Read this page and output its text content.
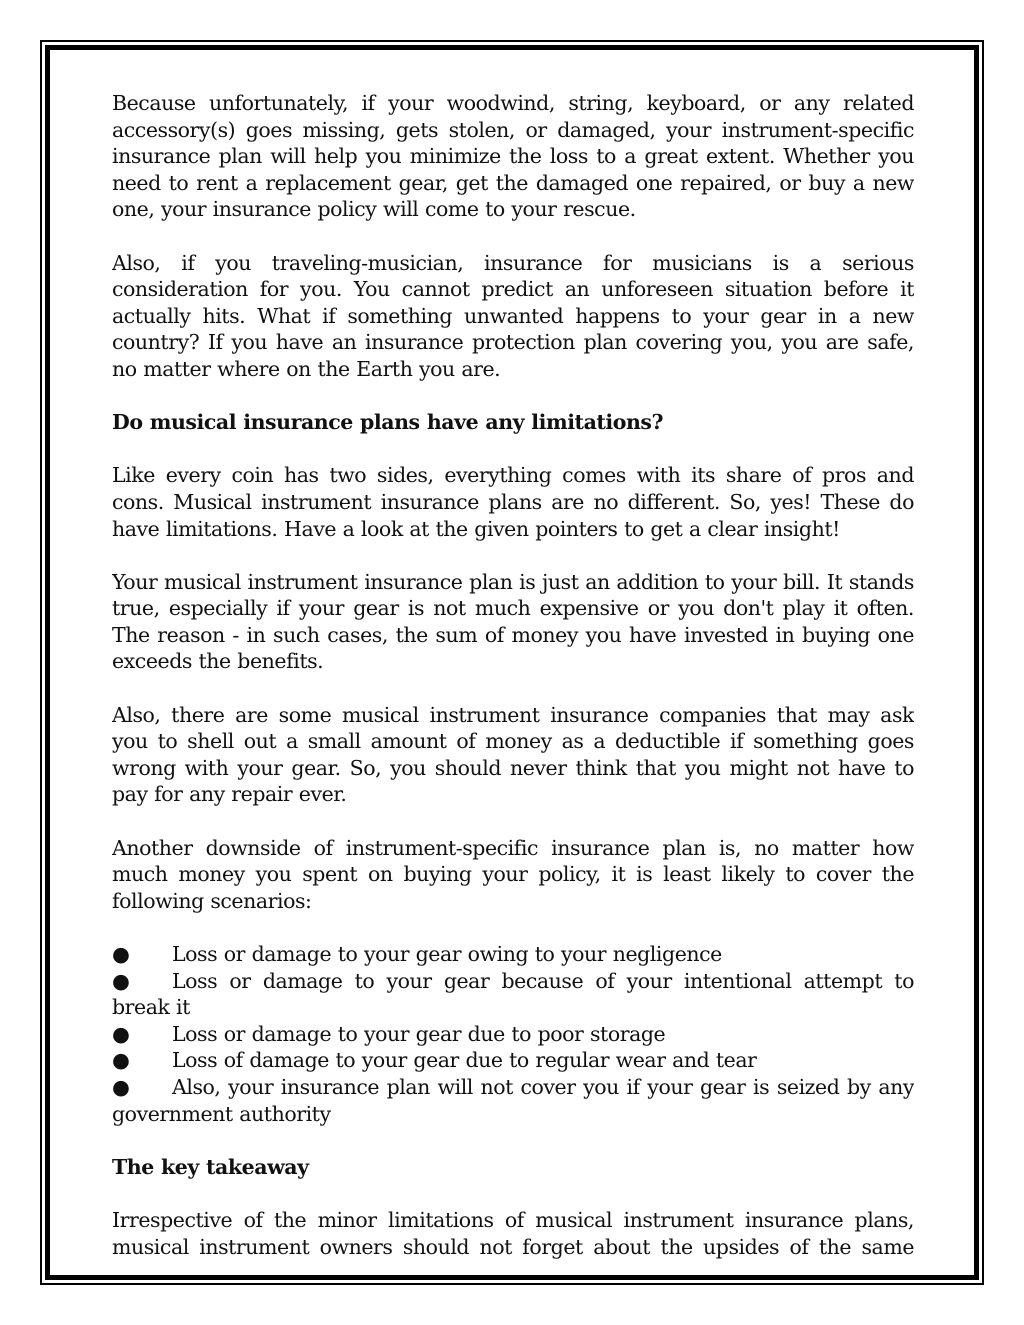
Because unfortunately, if your woodwind, string, keyboard, or any related accessory(s) goes missing, gets stolen, or damaged, your instrument-specific insurance plan will help you minimize the loss to a great extent. Whether you need to rent a replacement gear, get the damaged one repaired, or buy a new one, your insurance policy will come to your rescue.

Also, if you traveling-musician, insurance for musicians is a serious consideration for you. You cannot predict an unforeseen situation before it actually hits. What if something unwanted happens to your gear in a new country? If you have an insurance protection plan covering you, you are safe, no matter where on the Earth you are.

Do musical insurance plans have any limitations?

Like every coin has two sides, everything comes with its share of pros and cons. Musical instrument insurance plans are no different. So, yes! These do have limitations. Have a look at the given pointers to get a clear insight!

Your musical instrument insurance plan is just an addition to your bill. It stands true, especially if your gear is not much expensive or you don't play it often. The reason - in such cases, the sum of money you have invested in buying one exceeds the benefits.

Also, there are some musical instrument insurance companies that may ask you to shell out a small amount of money as a deductible if something goes wrong with your gear. So, you should never think that you might not have to pay for any repair ever.

Another downside of instrument-specific insurance plan is, no matter how much money you spent on buying your policy, it is least likely to cover the following scenarios:

● Loss or damage to your gear owing to your negligence
● Loss or damage to your gear because of your intentional attempt to break it
● Loss or damage to your gear due to poor storage
● Loss of damage to your gear due to regular wear and tear
● Also, your insurance plan will not cover you if your gear is seized by any government authority

The key takeaway

Irrespective of the minor limitations of musical instrument insurance plans, musical instrument owners should not forget about the upsides of the same
